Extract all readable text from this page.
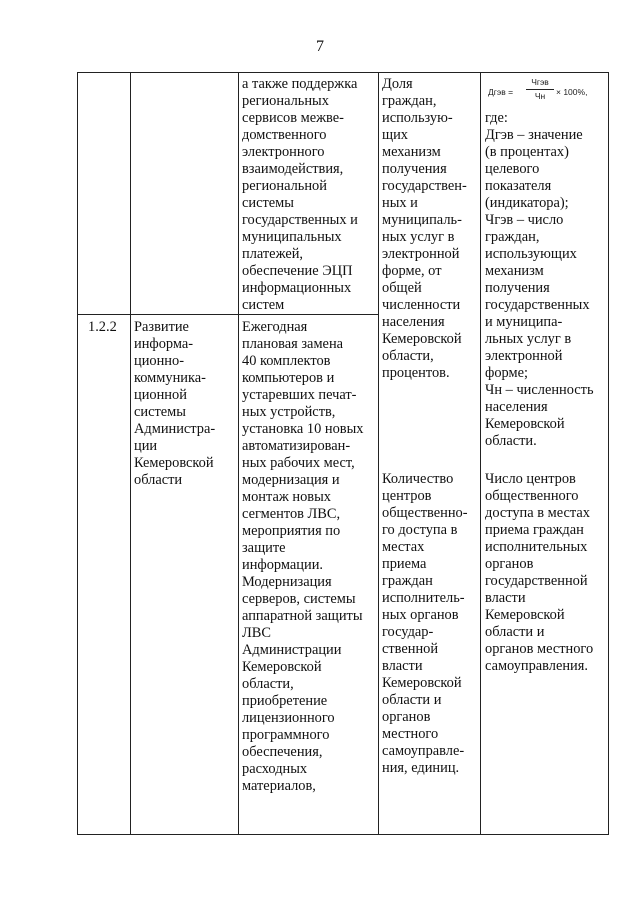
7
а также поддержка
региональных
сервисов межве-
домственного
электронного
взаимодействия,
региональной
системы
государственных и
муниципальных
платежей,
обеспечение ЭЦП
информационных
систем
1.2.2 Развитие
информа-
ционно-
коммуника-
ционной
системы
Администра-
ции
Кемеровской
области
Ежегодная
плановая замена
40 комплектов
компьютеров и
устаревших печат-
ных устройств,
установка 10 новых
автоматизирован-
ных рабочих мест,
модернизация и
монтаж новых
сегментов ЛВС,
мероприятия по
защите
информации.
Модернизация
серверов, системы
аппаратной защиты
ЛВС
Администрации
Кемеровской
области,
приобретение
лицензионного
программного
обеспечения,
расходных
материалов,
Доля
граждан,
использую-
щих
механизм
получения
государствен-
ных и
муниципаль-
ных услуг в
электронной
форме, от
общей
численности
населения
Кемеровской
области,
процентов.
Количество
центров
общественно-
го доступа в
местах
приема
граждан
исполнитель-
ных органов
государ-
ственной
власти
Кемеровской
области и
органов
местного
самоуправле-
ния, единиц.
Дгэв =
Чгэв
Чн	× 100%,
где:
Дгэв – значение
(в процентах)
целевого
показателя
(индикатора);
Чгэв – число
граждан,
использующих
механизм
получения
государственных
и муниципа-
льных услуг в
электронной
форме;
Чн – численность
населения
Кемеровской
области.
Число центров
общественного
доступа в местах
приема граждан
исполнительных
органов
государственной
власти
Кемеровской
области и
органов местного
самоуправления.
